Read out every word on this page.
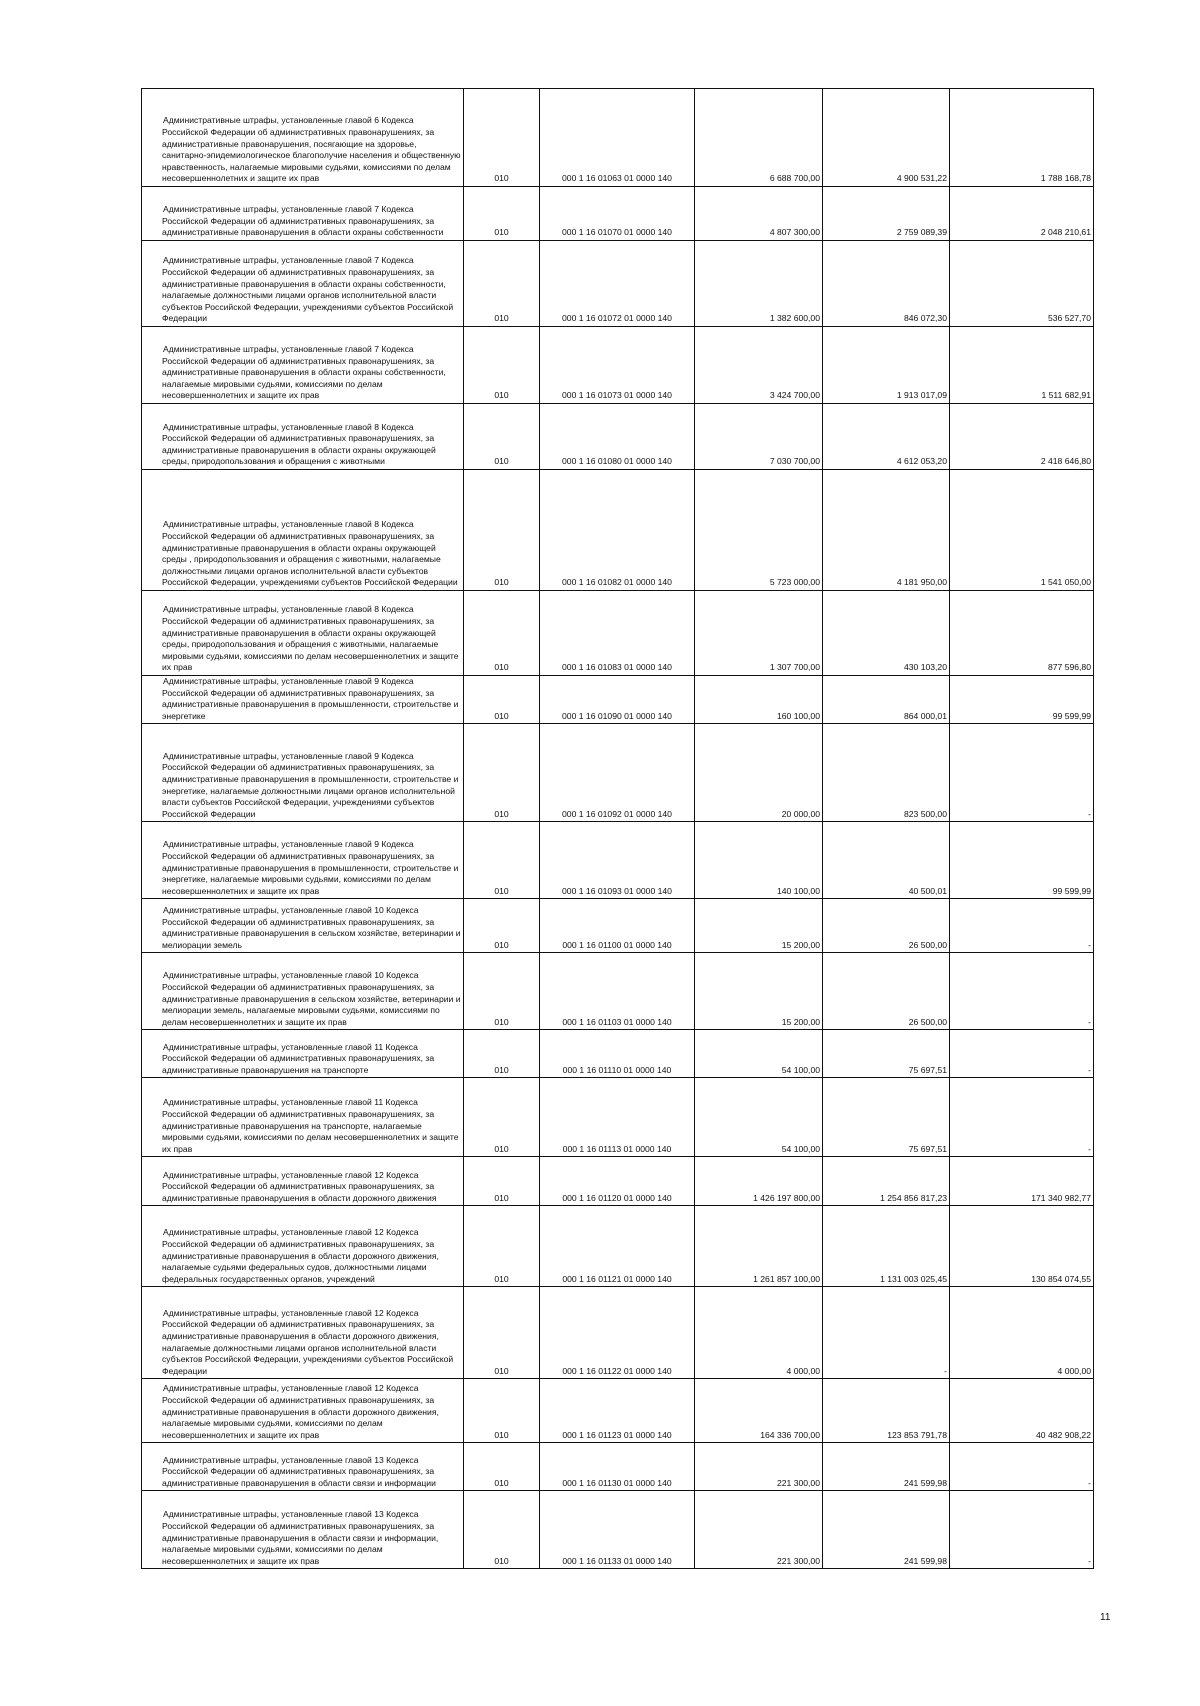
Административные штрафы, установленные главой 6 Кодекса Российской Федерации об административных правонарушениях, за административные правонарушения, посягающие на здоровье, санитарно-эпидемиологическое благополучие населения и общественную нравственность, налагаемые мировыми судьями, комиссиями по делам несовершеннолетних и защите их прав	010	000 1 16 01063 01 0000 140	6 688 700,00	4 900 531,22	1 788 168,78
Административные штрафы, установленные главой 7 Кодекса Российской Федерации об административных правонарушениях, за административные правонарушения в области охраны собственности	010	000 1 16 01070 01 0000 140	4 807 300,00	2 759 089,39	2 048 210,61
Административные штрафы, установленные главой 7 Кодекса Российской Федерации об административных правонарушениях, за административные правонарушения в области охраны собственности, налагаемые должностными лицами органов исполнительной власти субъектов Российской Федерации, учреждениями субъектов Российской Федерации	010	000 1 16 01072 01 0000 140	1 382 600,00	846 072,30	536 527,70
Административные штрафы, установленные главой 7 Кодекса Российской Федерации об административных правонарушениях, за административные правонарушения в области охраны собственности, налагаемые мировыми судьями, комиссиями по делам несовершеннолетних и защите их прав	010	000 1 16 01073 01 0000 140	3 424 700,00	1 913 017,09	1 511 682,91
Административные штрафы, установленные главой 8 Кодекса Российской Федерации об административных правонарушениях, за административные правонарушения в области охраны окружающей среды, природопользования и обращения с животными	010	000 1 16 01080 01 0000 140	7 030 700,00	4 612 053,20	2 418 646,80
Административные штрафы, установленные главой 8 Кодекса Российской Федерации об административных правонарушениях, за административные правонарушения в области охраны окружающей среды , природопользования и обращения с животными, налагаемые должностными лицами органов исполнительной власти субъектов Российской Федерации, учреждениями субъектов Российской Федерации	010	000 1 16 01082 01 0000 140	5 723 000,00	4 181 950,00	1 541 050,00
Административные штрафы, установленные главой 8 Кодекса Российской Федерации об административных правонарушениях, за административные правонарушения в области охраны окружающей среды, природопользования и обращения с животными, налагаемые мировыми судьями, комиссиями по делам несовершеннолетних и защите их прав	010	000 1 16 01083 01 0000 140	1 307 700,00	430 103,20	877 596,80
Административные штрафы, установленные главой 9 Кодекса Российской Федерации об административных правонарушениях, за административные правонарушения в промышленности, строительстве и энергетике	010	000 1 16 01090 01 0000 140	160 100,00	864 000,01	99 599,99
Административные штрафы, установленные главой 9 Кодекса Российской Федерации об административных правонарушениях, за административные правонарушения в промышленности, строительстве и энергетике, налагаемые должностными лицами органов исполнительной власти субъектов Российской Федерации, учреждениями субъектов Российской Федерации	010	000 1 16 01092 01 0000 140	20 000,00	823 500,00	-
Административные штрафы, установленные главой 9 Кодекса Российской Федерации об административных правонарушениях, за административные правонарушения в промышленности, строительстве и энергетике, налагаемые мировыми судьями, комиссиями по делам несовершеннолетних и защите их прав	010	000 1 16 01093 01 0000 140	140 100,00	40 500,01	99 599,99
Административные штрафы, установленные главой 10 Кодекса Российской Федерации об административных правонарушениях, за административные правонарушения в сельском хозяйстве, ветеринарии и мелиорации земель	010	000 1 16 01100 01 0000 140	15 200,00	26 500,00	-
Административные штрафы, установленные главой 10 Кодекса Российской Федерации об административных правонарушениях, за административные правонарушения в сельском хозяйстве, ветеринарии и мелиорации земель, налагаемые мировыми судьями, комиссиями по делам несовершеннолетних и защите их прав	010	000 1 16 01103 01 0000 140	15 200,00	26 500,00	-
Административные штрафы, установленные главой 11 Кодекса Российской Федерации об административных правонарушениях, за административные правонарушения на транспорте	010	000 1 16 01110 01 0000 140	54 100,00	75 697,51	-
Административные штрафы, установленные главой 11 Кодекса Российской Федерации об административных правонарушениях, за административные правонарушения на транспорте, налагаемые мировыми судьями, комиссиями по делам несовершеннолетних и защите их прав	010	000 1 16 01113 01 0000 140	54 100,00	75 697,51	-
Административные штрафы, установленные главой 12 Кодекса Российской Федерации об административных правонарушениях, за административные правонарушения в области дорожного движения	010	000 1 16 01120 01 0000 140	1 426 197 800,00	1 254 856 817,23	171 340 982,77
Административные штрафы, установленные главой 12 Кодекса Российской Федерации об административных правонарушениях, за административные правонарушения в области дорожного движения, налагаемые судьями федеральных судов, должностными лицами федеральных государственных органов, учреждений	010	000 1 16 01121 01 0000 140	1 261 857 100,00	1 131 003 025,45	130 854 074,55
Административные штрафы, установленные главой 12 Кодекса Российской Федерации об административных правонарушениях, за административные правонарушения в области дорожного движения, налагаемые должностными лицами органов исполнительной власти субъектов Российской Федерации, учреждениями субъектов Российской Федерации	010	000 1 16 01122 01 0000 140	4 000,00	-	4 000,00
Административные штрафы, установленные главой 12 Кодекса Российской Федерации об административных правонарушениях, за административные правонарушения в области дорожного движения, налагаемые мировыми судьями, комиссиями по делам несовершеннолетних и защите их прав	010	000 1 16 01123 01 0000 140	164 336 700,00	123 853 791,78	40 482 908,22
Административные штрафы, установленные главой 13 Кодекса Российской Федерации об административных правонарушениях, за административные правонарушения в области связи и информации	010	000 1 16 01130 01 0000 140	221 300,00	241 599,98	-
Административные штрафы, установленные главой 13 Кодекса Российской Федерации об административных правонарушениях, за административные правонарушения в области связи и информации, налагаемые мировыми судьями, комиссиями по делам несовершеннолетних и защите их прав	010	000 1 16 01133 01 0000 140	221 300,00	241 599,98	-
11
